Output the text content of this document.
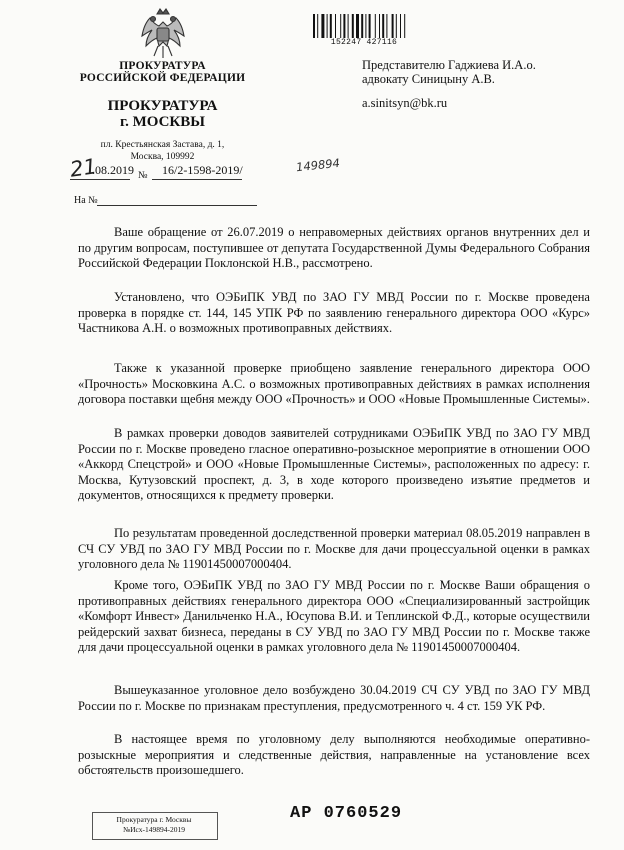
ПРОКУРАТУРА
РОССИЙСКОЙ ФЕДЕРАЦИИ
ПРОКУРАТУРА
г. МОСКВЫ
пл. Крестьянская Застава, д. 1,
Москва, 109992
21
.08.2019 16/2-1598-2019/	149894
№
На №
152247 427116
Представителю Гаджиева И.А.о.
адвокату Синицыну А.В.
a.sinitsyn@bk.ru

Ваше обращение от 26.07.2019 о неправомерных действиях органов внутренних дел и по другим вопросам, поступившее от депутата Государственной Думы Федерального Собрания Российской Федерации Поклонской Н.В., рассмотрено.

Установлено, что ОЭБиПК УВД по ЗАО ГУ МВД России по г. Москве проведена проверка в порядке ст. 144, 145 УПК РФ по заявлению генерального директора ООО «Курс» Частникова А.Н. о возможных противоправных действиях.

Также к указанной проверке приобщено заявление генерального директора ООО «Прочность» Московкина А.С. о возможных противоправных действиях в рамках исполнения договора поставки щебня между ООО «Прочность» и ООО «Новые Промышленные Системы».

В рамках проверки доводов заявителей сотрудниками ОЭБиПК УВД по ЗАО ГУ МВД России по г. Москве проведено гласное оперативно-розыскное мероприятие в отношении ООО «Аккорд Спецстрой» и ООО «Новые Промышленные Системы», расположенных по адресу: г. Москва, Кутузовский проспект, д. 3, в ходе которого произведено изъятие предметов и документов, относящихся к предмету проверки.

По результатам проведенной доследственной проверки материал 08.05.2019 направлен в СЧ СУ УВД по ЗАО ГУ МВД России по г. Москве для дачи процессуальной оценки в рамках уголовного дела № 11901450007000404.

Кроме того, ОЭБиПК УВД по ЗАО ГУ МВД России по г. Москве Ваши обращения о противоправных действиях генерального директора ООО «Специализированный застройщик «Комфорт Инвест» Данильченко Н.А., Юсупова В.И. и Теплинской Ф.Д., которые осуществили рейдерский захват бизнеса, переданы в СУ УВД по ЗАО ГУ МВД России по г. Москве также для дачи процессуальной оценки в рамках уголовного дела № 11901450007000404.

Вышеуказанное уголовное дело возбуждено 30.04.2019 СЧ СУ УВД по ЗАО ГУ МВД России по г. Москве по признакам преступления, предусмотренного ч. 4 ст. 159 УК РФ.

В настоящее время по уголовному делу выполняются необходимые оперативно-розыскные мероприятия и следственные действия, направленные на установление всех обстоятельств произошедшего.

Прокуратура г. Москвы
№Исх-149894-2019
АР 0760529
